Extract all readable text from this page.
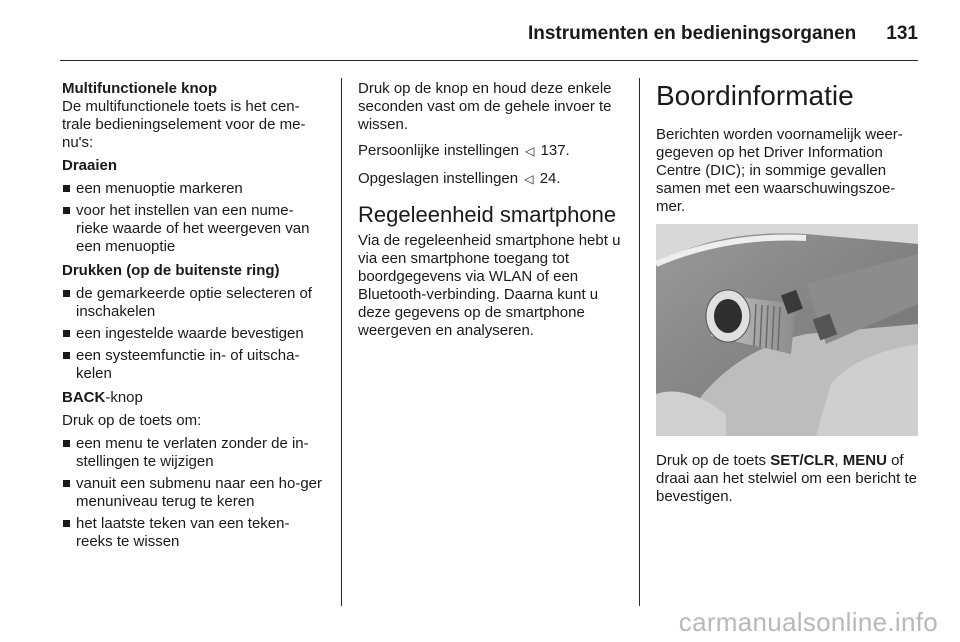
Instrumenten en bedieningsorganen 131

Multifunctionele knop

De multifunctionele toets is het cen-trale bedieningselement voor de me-nu's:

Draaien

een menuoptie markeren
voor het instellen van een nume-rieke waarde of het weergeven van een menuoptie

Drukken (op de buitenste ring)

de gemarkeerde optie selecteren of inschakelen
een ingestelde waarde bevestigen
een systeemfunctie in- of uitscha-kelen

BACK-knop

Druk op de toets om:

een menu te verlaten zonder de in-stellingen te wijzigen
vanuit een submenu naar een ho-ger menuniveau terug te keren
het laatste teken van een teken-reeks te wissen

Druk op de knop en houd deze enkele seconden vast om de gehele invoer te wissen.

Persoonlijke instellingen ◁ 137.

Opgeslagen instellingen ◁ 24.

Regeleenheid smartphone

Via de regeleenheid smartphone hebt u via een smartphone toegang tot boordgegevens via WLAN of een Bluetooth-verbinding. Daarna kunt u deze gegevens op de smartphone weergeven en analyseren.

Boordinformatie

Berichten worden voornamelijk weer-gegeven op het Driver Information Centre (DIC); in sommige gevallen samen met een waarschuwingszoe-mer.

Druk op de toets SET/CLR, MENU of draai aan het stelwiel om een bericht te bevestigen.

carmanualsonline.info
